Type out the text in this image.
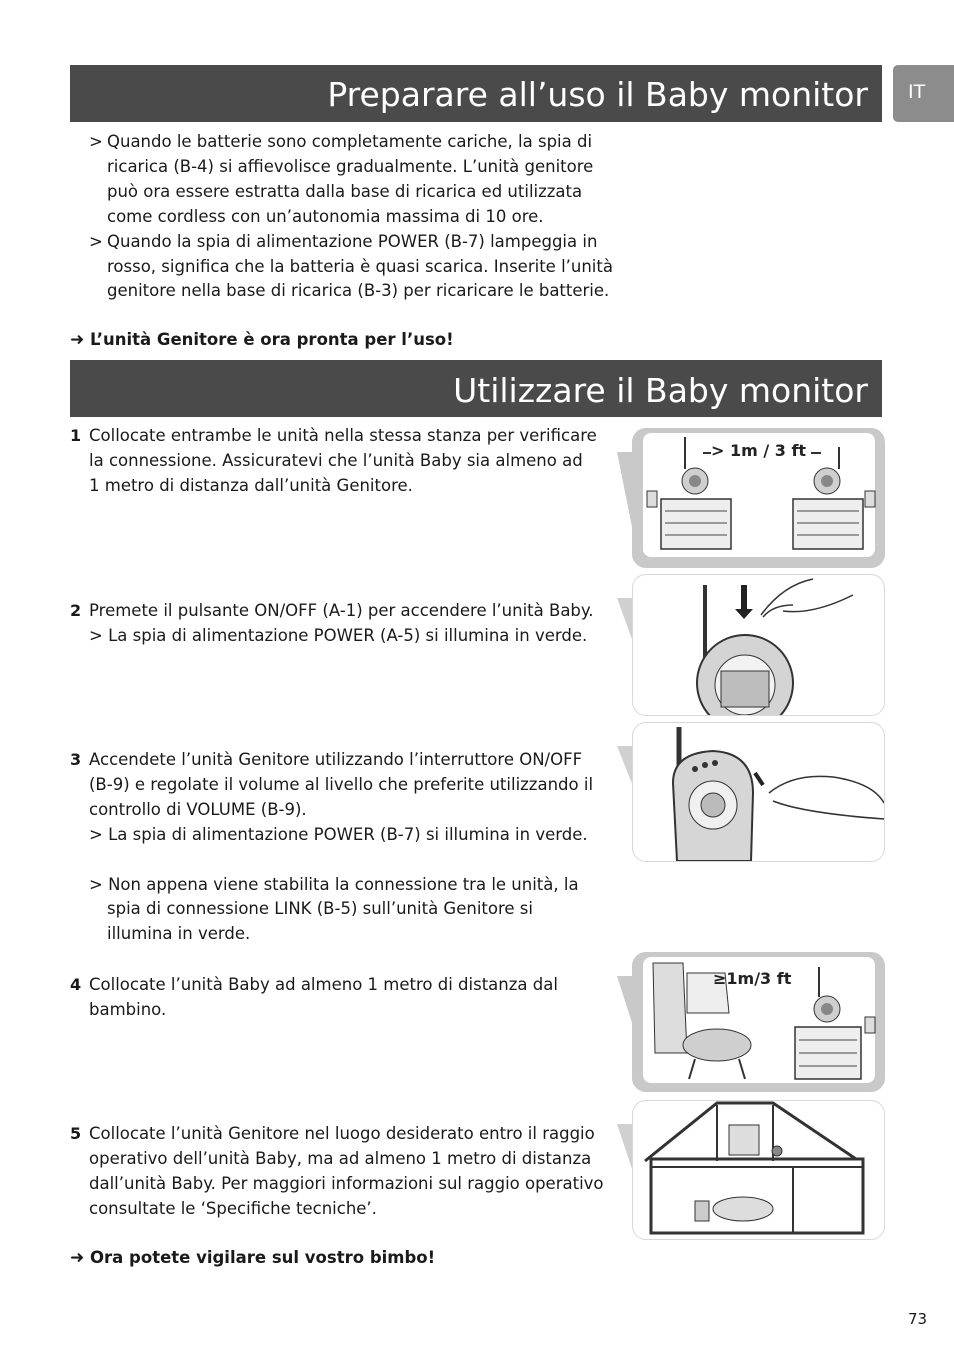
Preparare all’uso il Baby monitor	IT
> Quando le batterie sono completamente cariche, la spia di
ricarica (B-4) si affievolisce gradualmente. L’unità genitore
può ora essere estratta dalla base di ricarica ed utilizzata
come cordless con un’autonomia massima di 10 ore.
> Quando la spia di alimentazione POWER (B-7) lampeggia in
rosso, significa che la batteria è quasi scarica. Inserite l’unità
genitore nella base di ricarica (B-3) per ricaricare le batterie.
➜ L’unità Genitore è ora pronta per l’uso!
Utilizzare il Baby monitor
1 Collocate entrambe le unità nella stessa stanza per verificare
la connessione. Assicuratevi che l’unità Baby sia almeno ad
1 metro di distanza dall’unità Genitore.
2 Premete il pulsante ON/OFF (A-1) per accendere l’unità Baby.
> La spia di alimentazione POWER (A-5) si illumina in verde.
3 Accendete l’unità Genitore utilizzando l’interruttore ON/OFF
(B-9) e regolate il volume al livello che preferite utilizzando il
controllo di VOLUME (B-9).
> La spia di alimentazione POWER (B-7) si illumina in verde.
> Non appena viene stabilita la connessione tra le unità, la
spia di connessione LINK (B-5) sull’unità Genitore si
illumina in verde.
4 Collocate l’unità Baby ad almeno 1 metro di distanza dal
bambino.
5 Collocate l’unità Genitore nel luogo desiderato entro il raggio
operativo dell’unità Baby, ma ad almeno 1 metro di distanza
dall’unità Baby. Per maggiori informazioni sul raggio operativo
consultate le ‘Specifiche tecniche’.
➜ Ora potete vigilare sul vostro bimbo!
> 1m / 3 ft
≥1m/3 ft
73
